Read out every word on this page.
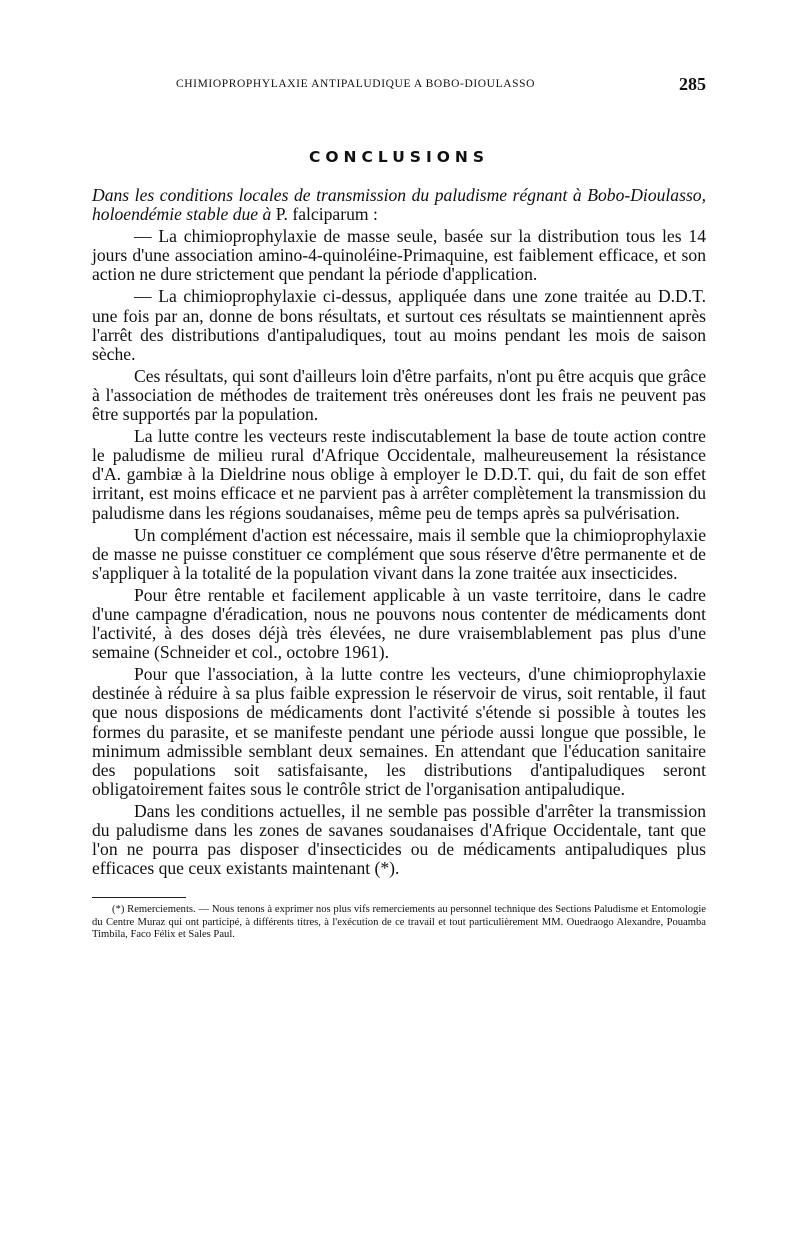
CHIMIOPROPHYLAXIE ANTIPALUDIQUE A BOBO-DIOULASSO	285
CONCLUSIONS

Dans les conditions locales de transmission du paludisme régnant à Bobo-Dioulasso, holoendémie stable due à P. falciparum :

— La chimioprophylaxie de masse seule, basée sur la distribution tous les 14 jours d'une association amino-4-quinoléine-Primaquine, est faiblement efficace, et son action ne dure strictement que pendant la période d'application.

— La chimioprophylaxie ci-dessus, appliquée dans une zone traitée au D.D.T. une fois par an, donne de bons résultats, et surtout ces résultats se maintiennent après l'arrêt des distributions d'antipaludiques, tout au moins pendant les mois de saison sèche.

Ces résultats, qui sont d'ailleurs loin d'être parfaits, n'ont pu être acquis que grâce à l'association de méthodes de traitement très onéreuses dont les frais ne peuvent pas être supportés par la population.

La lutte contre les vecteurs reste indiscutablement la base de toute action contre le paludisme de milieu rural d'Afrique Occidentale, malheureusement la résistance d'A. gambiæ à la Dieldrine nous oblige à employer le D.D.T. qui, du fait de son effet irritant, est moins efficace et ne parvient pas à arrêter complètement la transmission du paludisme dans les régions soudanaises, même peu de temps après sa pulvérisation.

Un complément d'action est nécessaire, mais il semble que la chimioprophylaxie de masse ne puisse constituer ce complément que sous réserve d'être permanente et de s'appliquer à la totalité de la population vivant dans la zone traitée aux insecticides.

Pour être rentable et facilement applicable à un vaste territoire, dans le cadre d'une campagne d'éradication, nous ne pouvons nous contenter de médicaments dont l'activité, à des doses déjà très élevées, ne dure vraisemblablement pas plus d'une semaine (Schneider et col., octobre 1961).

Pour que l'association, à la lutte contre les vecteurs, d'une chimioprophylaxie destinée à réduire à sa plus faible expression le réservoir de virus, soit rentable, il faut que nous disposions de médicaments dont l'activité s'étende si possible à toutes les formes du parasite, et se manifeste pendant une période aussi longue que possible, le minimum admissible semblant deux semaines. En attendant que l'éducation sanitaire des populations soit satisfaisante, les distributions d'antipaludiques seront obligatoirement faites sous le contrôle strict de l'organisation antipaludique.

Dans les conditions actuelles, il ne semble pas possible d'arrêter la transmission du paludisme dans les zones de savanes soudanaises d'Afrique Occidentale, tant que l'on ne pourra pas disposer d'insecticides ou de médicaments antipaludiques plus efficaces que ceux existants maintenant (*).

(*) Remerciements. — Nous tenons à exprimer nos plus vifs remerciements au personnel technique des Sections Paludisme et Entomologie du Centre Muraz qui ont participé, à différents titres, à l'exécution de ce travail et tout particulièrement MM. Ouedraogo Alexandre, Pouamba Timbila, Faco Félix et Sales Paul.
